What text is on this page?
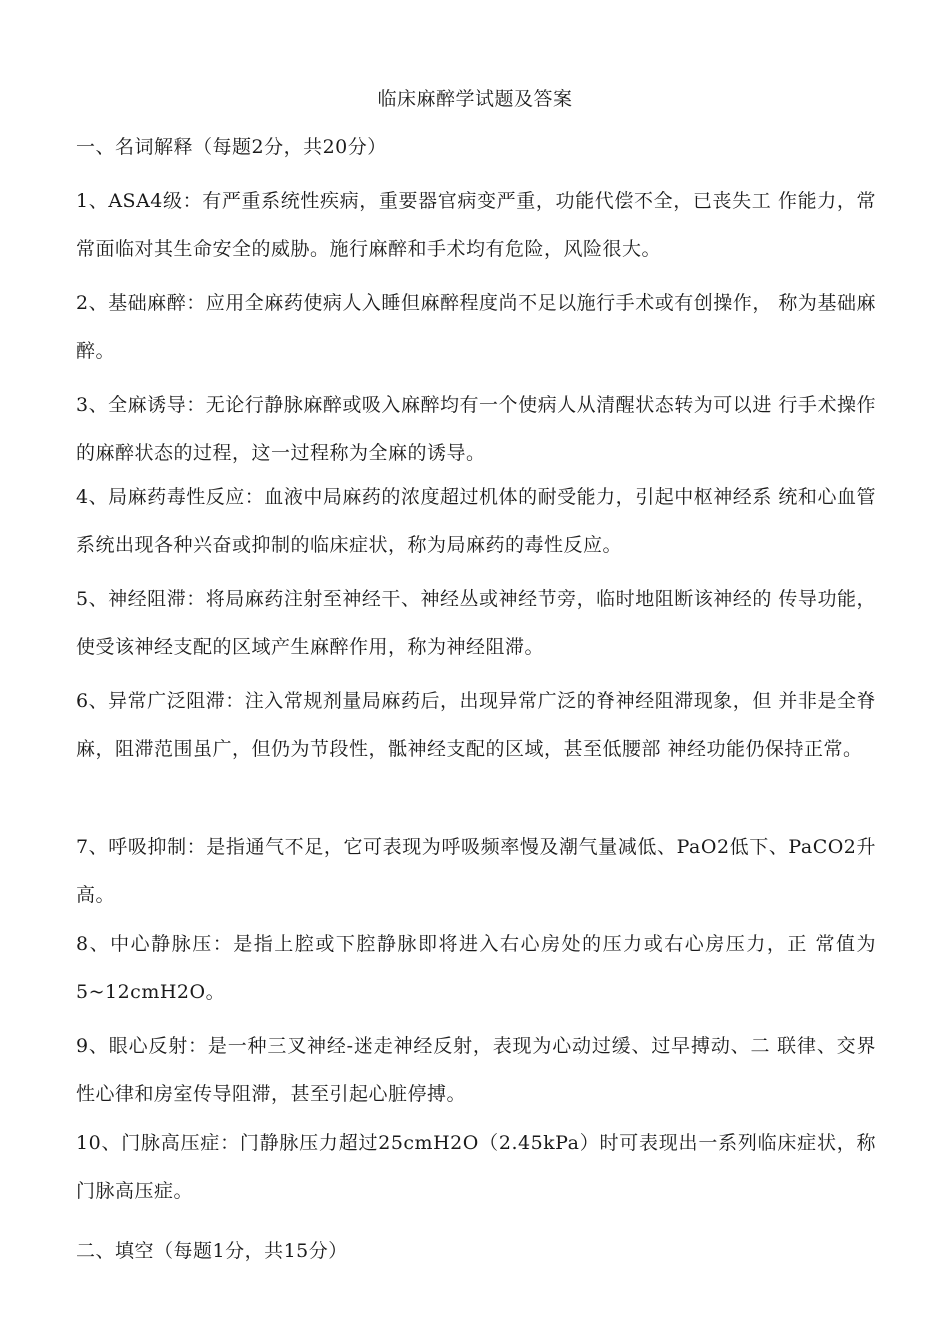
临床麻醉学试题及答案
一、名词解释（每题2分，共20分）
1、ASA4级：有严重系统性疾病，重要器官病变严重，功能代偿不全，已丧失工 作能力，常常面临对其生命安全的威胁。施行麻醉和手术均有危险，风险很大。
2、基础麻醉：应用全麻药使病人入睡但麻醉程度尚不足以施行手术或有创操作， 称为基础麻醉。
3、全麻诱导：无论行静脉麻醉或吸入麻醉均有一个使病人从清醒状态转为可以进 行手术操作的麻醉状态的过程，这一过程称为全麻的诱导。
4、局麻药毒性反应：血液中局麻药的浓度超过机体的耐受能力，引起中枢神经系 统和心血管系统出现各种兴奋或抑制的临床症状，称为局麻药的毒性反应。
5、神经阻滞：将局麻药注射至神经干、神经丛或神经节旁，临时地阻断该神经的 传导功能，使受该神经支配的区域产生麻醉作用，称为神经阻滞。
6、异常广泛阻滞：注入常规剂量局麻药后，出现异常广泛的脊神经阻滞现象，但 并非是全脊麻，阻滞范围虽广，但仍为节段性，骶神经支配的区域，甚至低腰部 神经功能仍保持正常。
7、呼吸抑制：是指通气不足，它可表现为呼吸频率慢及潮气量减低、PaO2低下、PaCO2升高。
8、中心静脉压：是指上腔或下腔静脉即将进入右心房处的压力或右心房压力，正 常值为 5~12cmH2O。
9、眼心反射：是一种三叉神经-迷走神经反射，表现为心动过缓、过早搏动、二 联律、交界性心律和房室传导阻滞，甚至引起心脏停搏。
10、门脉高压症：门静脉压力超过25cmH2O（2.45kPa）时可表现出一系列临床症状，称门脉高压症。
二、填空（每题1分，共15分）
